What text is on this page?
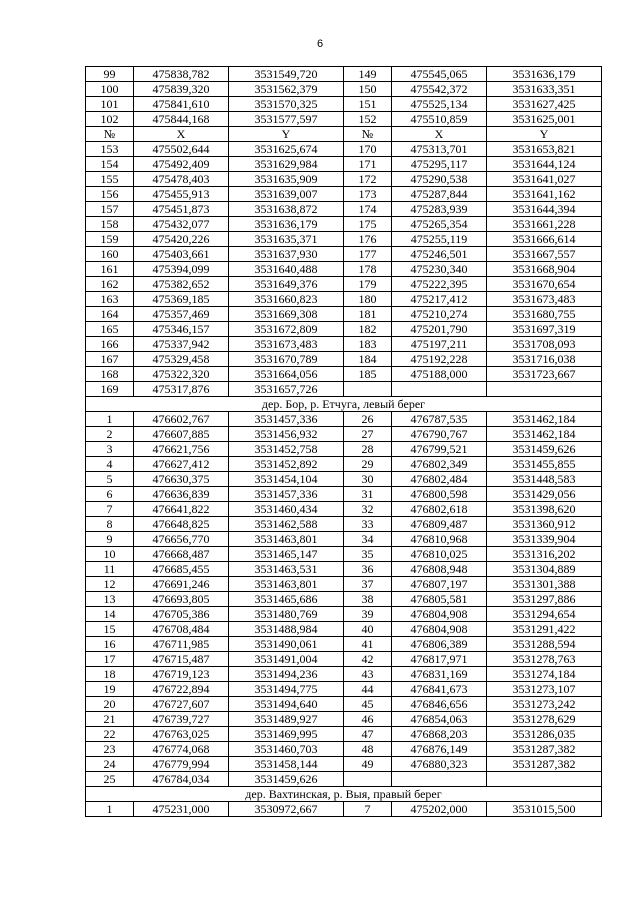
6
99	475838,782	3531549,720	149	475545,065	3531636,179
100	475839,320	3531562,379	150	475542,372	3531633,351
101	475841,610	3531570,325	151	475525,134	3531627,425
102	475844,168	3531577,597	152	475510,859	3531625,001
№	X	Y	№	X	Y
153	475502,644	3531625,674	170	475313,701	3531653,821
154	475492,409	3531629,984	171	475295,117	3531644,124
155	475478,403	3531635,909	172	475290,538	3531641,027
156	475455,913	3531639,007	173	475287,844	3531641,162
157	475451,873	3531638,872	174	475283,939	3531644,394
158	475432,077	3531636,179	175	475265,354	3531661,228
159	475420,226	3531635,371	176	475255,119	3531666,614
160	475403,661	3531637,930	177	475246,501	3531667,557
161	475394,099	3531640,488	178	475230,340	3531668,904
162	475382,652	3531649,376	179	475222,395	3531670,654
163	475369,185	3531660,823	180	475217,412	3531673,483
164	475357,469	3531669,308	181	475210,274	3531680,755
165	475346,157	3531672,809	182	475201,790	3531697,319
166	475337,942	3531673,483	183	475197,211	3531708,093
167	475329,458	3531670,789	184	475192,228	3531716,038
168	475322,320	3531664,056	185	475188,000	3531723,667
169	475317,876	3531657,726			
дер. Бор, р. Етчуга, левый берег					
1	476602,767	3531457,336	26	476787,535	3531462,184
2	476607,885	3531456,932	27	476790,767	3531462,184
3	476621,756	3531452,758	28	476799,521	3531459,626
4	476627,412	3531452,892	29	476802,349	3531455,855
5	476630,375	3531454,104	30	476802,484	3531448,583
6	476636,839	3531457,336	31	476800,598	3531429,056
7	476641,822	3531460,434	32	476802,618	3531398,620
8	476648,825	3531462,588	33	476809,487	3531360,912
9	476656,770	3531463,801	34	476810,968	3531339,904
10	476668,487	3531465,147	35	476810,025	3531316,202
11	476685,455	3531463,531	36	476808,948	3531304,889
12	476691,246	3531463,801	37	476807,197	3531301,388
13	476693,805	3531465,686	38	476805,581	3531297,886
14	476705,386	3531480,769	39	476804,908	3531294,654
15	476708,484	3531488,984	40	476804,908	3531291,422
16	476711,985	3531490,061	41	476806,389	3531288,594
17	476715,487	3531491,004	42	476817,971	3531278,763
18	476719,123	3531494,236	43	476831,169	3531274,184
19	476722,894	3531494,775	44	476841,673	3531273,107
20	476727,607	3531494,640	45	476846,656	3531273,242
21	476739,727	3531489,927	46	476854,063	3531278,629
22	476763,025	3531469,995	47	476868,203	3531286,035
23	476774,068	3531460,703	48	476876,149	3531287,382
24	476779,994	3531458,144	49	476880,323	3531287,382
25	476784,034	3531459,626			
дер. Вахтинская, р. Выя, правый берег					
1	475231,000	3530972,667	7	475202,000	3531015,500
